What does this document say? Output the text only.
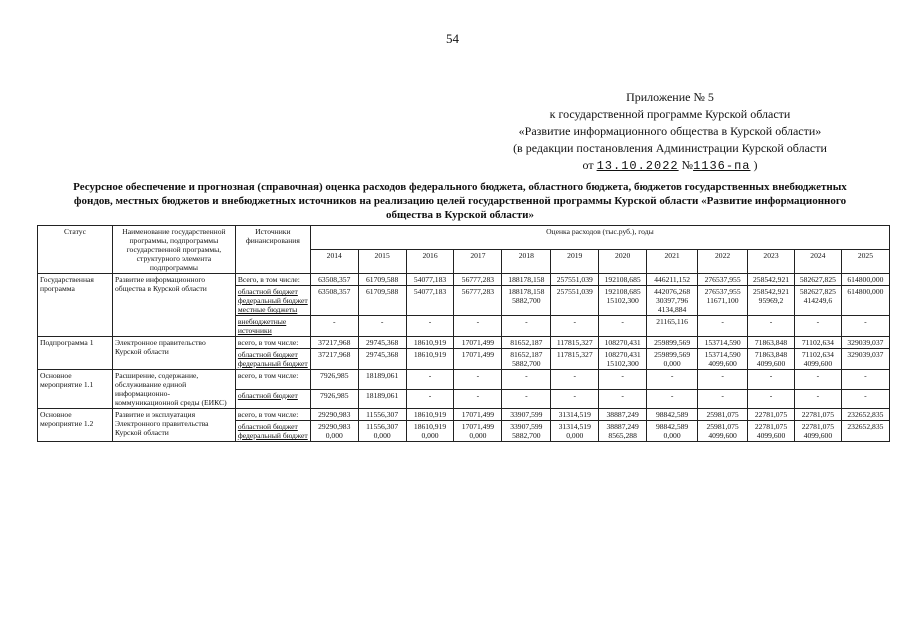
54
Приложение № 5
к государственной программе Курской области
«Развитие информационного общества в Курской области»
(в редакции постановления Администрации Курской области
от 13.10.2022 №1136-па )
Ресурсное обеспечение и прогнозная (справочная) оценка расходов федерального бюджета, областного бюджета, бюджетов государственных внебюджетных фондов, местных бюджетов и внебюджетных источников на реализацию целей государственной программы Курской области «Развитие информационного общества в Курской области»
Статус	Наименование государственной программы, подпрограммы государственной программы, структурного элемента подпрограммы	Источники финансирования	Оценка расходов (тыс.руб.), годы											
			2014	2015	2016	2017	2018	2019	2020	2021	2022	2023	2024	2025
Государственная программа	Развитие информационного общества в Курской области	Всего, в том числе:	63508,357	61709,588	54077,183	56777,283	188178,158	257551,039	192108,685	446211,152	276537,955	258542,921	582627,825	614800,000
		областной бюджет федеральный бюджет местные бюджеты	63508,357	61709,588	54077,183	56777,283	188178,158 5882,700	257551,039	192108,685 15102,300	442076,268 30397,796 4134,884	276537,955 11671,100	258542,921 95969,2	582627,825 414249,6	614800,000
		внебюджетные источники	-	-	-	-	-	-	-	21165,116	-	-	-	-
Подпрограмма 1	Электронное правительство Курской области	всего, в том числе:	37217,968	29745,368	18610,919	17071,499	81652,187	117815,327	108270,431	259899,569	153714,590	71863,848	71102,634	329039,037
		областной бюджет федеральный бюджет	37217,968	29745,368	18610,919	17071,499	81652,187 5882,700	117815,327	108270,431 15102,300	259899,569 0,000	153714,590 4099,600	71863,848 4099,600	71102,634 4099,600	329039,037
Основное мероприятие 1.1	Расширение, содержание, обслуживание единой информационно-коммуникационной среды (ЕИКС)	всего, в том числе:	7926,985	18189,061	-	-	-	-	-	-	-	-	-	-
		областной бюджет	7926,985	18189,061	-	-	-	-	-	-	-	-	-	-
Основное мероприятие 1.2	Развитие и эксплуатация Электронного правительства Курской области	всего, в том числе:	29290,983	11556,307	18610,919	17071,499	33907,599	31314,519	38887,249	98842,589	25981,075	22781,075	22781,075	232652,835
		областной бюджет федеральный бюджет	29290,983 0,000	11556,307 0,000	18610,919 0,000	17071,499 0,000	33907,599 5882,700	31314,519 0,000	38887,249 8565,288	98842,589 0,000	25981,075 4099,600	22781,075 4099,600	22781,075 4099,600	232652,835
